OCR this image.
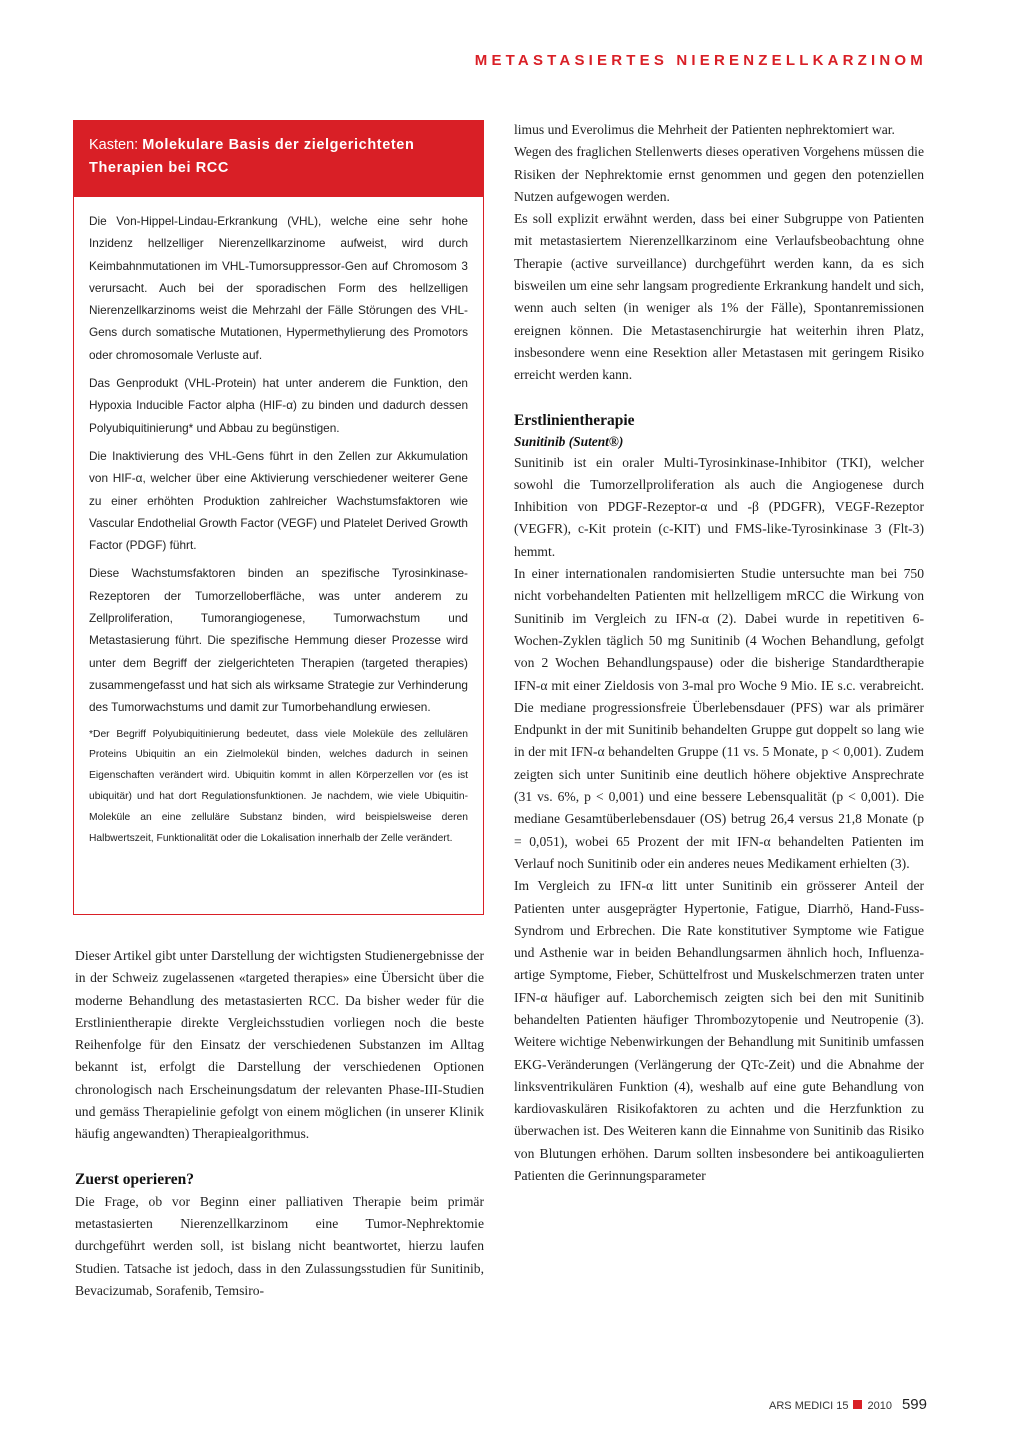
METASTASIERTES NIERENZELLKARZINOM
Kasten: Molekulare Basis der zielgerichteten Therapien bei RCC

Die Von-Hippel-Lindau-Erkrankung (VHL), welche eine sehr hohe Inzidenz hellzelliger Nierenzellkarzinome aufweist, wird durch Keimbahnmutationen im VHL-Tumorsuppressor-Gen auf Chromosom 3 verursacht. Auch bei der sporadischen Form des hellzelligen Nierenzellkarzinoms weist die Mehrzahl der Fälle Störungen des VHL-Gens durch somatische Mutationen, Hypermethylierung des Promotors oder chromosomale Verluste auf.

Das Genprodukt (VHL-Protein) hat unter anderem die Funktion, den Hypoxia Inducible Factor alpha (HIF-α) zu binden und dadurch dessen Polyubiquitinierung* und Abbau zu begünstigen.

Die Inaktivierung des VHL-Gens führt in den Zellen zur Akkumulation von HIF-α, welcher über eine Aktivierung verschiedener weiterer Gene zu einer erhöhten Produktion zahlreicher Wachstumsfaktoren wie Vascular Endothelial Growth Factor (VEGF) und Platelet Derived Growth Factor (PDGF) führt.

Diese Wachstumsfaktoren binden an spezifische Tyrosinkinase-Rezeptoren der Tumorzelloberfläche, was unter anderem zu Zellproliferation, Tumorangiogenese, Tumorwachstum und Metastasierung führt. Die spezifische Hemmung dieser Prozesse wird unter dem Begriff der zielgerichteten Therapien (targeted therapies) zusammengefasst und hat sich als wirksame Strategie zur Verhinderung des Tumorwachstums und damit zur Tumorbehandlung erwiesen.

*Der Begriff Polyubiquitinierung bedeutet, dass viele Moleküle des zellulären Proteins Ubiquitin an ein Zielmolekül binden, welches dadurch in seinen Eigenschaften verändert wird. Ubiquitin kommt in allen Körperzellen vor (es ist ubiquitär) und hat dort Regulationsfunktionen. Je nachdem, wie viele Ubiquitin-Moleküle an eine zelluläre Substanz binden, wird beispielsweise deren Halbwertszeit, Funktionalität oder die Lokalisation innerhalb der Zelle verändert.

Dieser Artikel gibt unter Darstellung der wichtigsten Studienergebnisse der in der Schweiz zugelassenen «targeted therapies» eine Übersicht über die moderne Behandlung des metastasierten RCC. Da bisher weder für die Erstlinientherapie direkte Vergleichsstudien vorliegen noch die beste Reihenfolge für den Einsatz der verschiedenen Substanzen im Alltag bekannt ist, erfolgt die Darstellung der verschiedenen Optionen chronologisch nach Erscheinungsdatum der relevanten Phase-III-Studien und gemäss Therapielinie gefolgt von einem möglichen (in unserer Klinik häufig angewandten) Therapiealgorithmus.

Zuerst operieren?

Die Frage, ob vor Beginn einer palliativen Therapie beim primär metastasierten Nierenzellkarzinom eine Tumor-Nephrektomie durchgeführt werden soll, ist bislang nicht beantwortet, hierzu laufen Studien. Tatsache ist jedoch, dass in den Zulassungsstudien für Sunitinib, Bevacizumab, Sorafenib, Temsiro-

limus und Everolimus die Mehrheit der Patienten nephrektomiert war.

Wegen des fraglichen Stellenwerts dieses operativen Vorgehens müssen die Risiken der Nephrektomie ernst genommen und gegen den potenziellen Nutzen aufgewogen werden.

Es soll explizit erwähnt werden, dass bei einer Subgruppe von Patienten mit metastasiertem Nierenzellkarzinom eine Verlaufsbeobachtung ohne Therapie (active surveillance) durchgeführt werden kann, da es sich bisweilen um eine sehr langsam progrediente Erkrankung handelt und sich, wenn auch selten (in weniger als 1% der Fälle), Spontanremissionen ereignen können. Die Metastasenchirurgie hat weiterhin ihren Platz, insbesondere wenn eine Resektion aller Metastasen mit geringem Risiko erreicht werden kann.

Erstlinientherapie
Sunitinib (Sutent®)

Sunitinib ist ein oraler Multi-Tyrosinkinase-Inhibitor (TKI), welcher sowohl die Tumorzellproliferation als auch die Angiogenese durch Inhibition von PDGF-Rezeptor-α und -β (PDGFR), VEGF-Rezeptor (VEGFR), c-Kit protein (c-KIT) und FMS-like-Tyrosinkinase 3 (Flt-3) hemmt.

In einer internationalen randomisierten Studie untersuchte man bei 750 nicht vorbehandelten Patienten mit hellzelligem mRCC die Wirkung von Sunitinib im Vergleich zu IFN-α (2). Dabei wurde in repetitiven 6-Wochen-Zyklen täglich 50 mg Sunitinib (4 Wochen Behandlung, gefolgt von 2 Wochen Behandlungspause) oder die bisherige Standardtherapie IFN-α mit einer Zieldosis von 3-mal pro Woche 9 Mio. IE s.c. verabreicht. Die mediane progressionsfreie Überlebensdauer (PFS) war als primärer Endpunkt in der mit Sunitinib behandelten Gruppe gut doppelt so lang wie in der mit IFN-α behandelten Gruppe (11 vs. 5 Monate, p < 0,001). Zudem zeigten sich unter Sunitinib eine deutlich höhere objektive Ansprechrate (31 vs. 6%, p < 0,001) und eine bessere Lebensqualität (p < 0,001). Die mediane Gesamtüberlebensdauer (OS) betrug 26,4 versus 21,8 Monate (p = 0,051), wobei 65 Prozent der mit IFN-α behandelten Patienten im Verlauf noch Sunitinib oder ein anderes neues Medikament erhielten (3).

Im Vergleich zu IFN-α litt unter Sunitinib ein grösserer Anteil der Patienten unter ausgeprägter Hypertonie, Fatigue, Diarrhö, Hand-Fuss-Syndrom und Erbrechen. Die Rate konstitutiver Symptome wie Fatigue und Asthenie war in beiden Behandlungsarmen ähnlich hoch, Influenza-artige Symptome, Fieber, Schüttelfrost und Muskelschmerzen traten unter IFN-α häufiger auf. Laborchemisch zeigten sich bei den mit Sunitinib behandelten Patienten häufiger Thrombozytopenie und Neutropenie (3). Weitere wichtige Nebenwirkungen der Behandlung mit Sunitinib umfassen EKG-Veränderungen (Verlängerung der QTc-Zeit) und die Abnahme der linksventrikulären Funktion (4), weshalb auf eine gute Behandlung von kardiovaskulären Risikofaktoren zu achten und die Herzfunktion zu überwachen ist. Des Weiteren kann die Einnahme von Sunitinib das Risiko von Blutungen erhöhen. Darum sollten insbesondere bei antikoagulierten Patienten die Gerinnungsparameter

ARS MEDICI 15 2010 599
